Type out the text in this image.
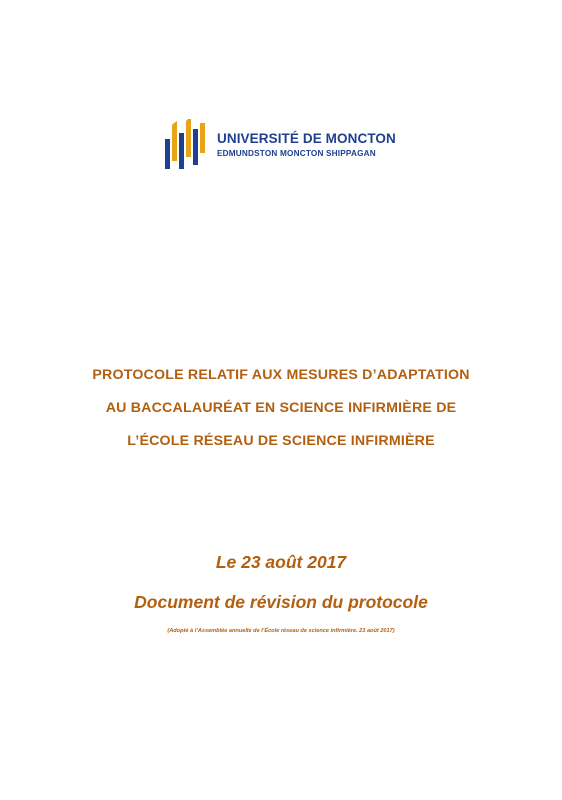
UNIVERSITÉ DE MONCTON
EDMUNDSTON MONCTON SHIPPAGAN
PROTOCOLE RELATIF AUX MESURES D’ADAPTATION
AU BACCALAURÉAT EN SCIENCE INFIRMIÈRE DE
L’ÉCOLE RÉSEAU DE SCIENCE INFIRMIÈRE
Le 23 août 2017
Document de révision du protocole
(Adopté à l’Assemblée annuelle de l’École réseau de science infirmière. 23 août 2017)
